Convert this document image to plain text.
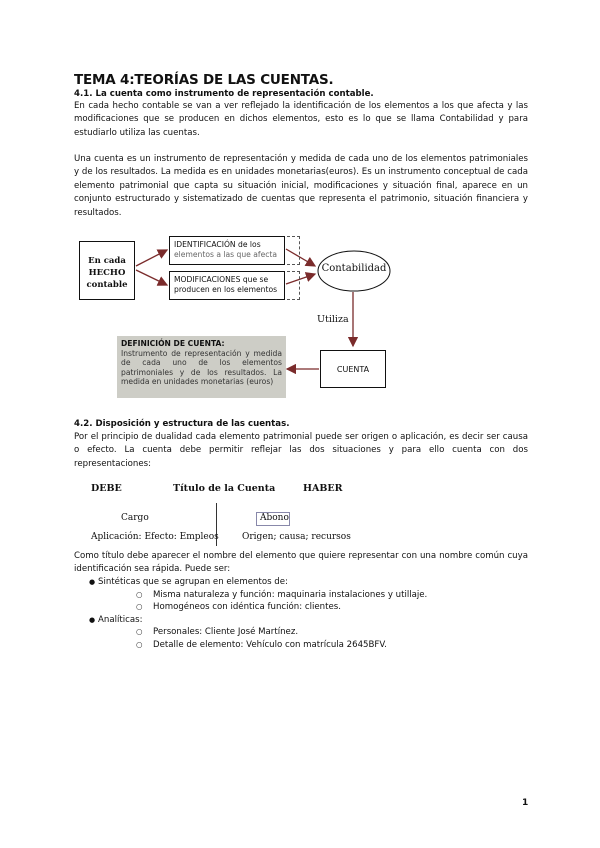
TEMA 4:TEORÍAS DE LAS CUENTAS.
4.1. La cuenta como instrumento de representación contable.

En cada hecho contable se van a ver reflejado la identificación de los elementos a los que afecta y las modificaciones que se producen en dichos elementos, esto es lo que se llama Contabilidad y para estudiarlo utiliza las cuentas.

Una cuenta es un instrumento de representación y medida de cada uno de los elementos patrimoniales y de los resultados. La medida es en unidades monetarias(euros). Es un instrumento conceptual de cada elemento patrimonial que capta su situación inicial, modificaciones y situación final, aparece en un conjunto estructurado y sistematizado de cuentas que representa el patrimonio, situación financiera y resultados.

En cada
HECHO
contable
IDENTIFICACIÓN de los
elementos a las que afecta
MODIFICACIONES que se
producen en los elementos
Contabilidad
Utiliza
CUENTA
DEFINICIÓN DE CUENTA:
Instrumento de representación y medida de cada uno de los elementos patrimoniales y de los resultados. La medida en unidades monetarias (euros)
4.2. Disposición y estructura de las cuentas.

Por el principio de dualidad cada elemento patrimonial puede ser origen o aplicación, es decir ser causa o efecto. La cuenta debe permitir reflejar las dos situaciones y para ello cuenta con dos representaciones:

DEBE	Título de la Cuenta	HABER
Cargo	Abono
Aplicación: Efecto: Empleos	Origen; causa; recursos

Como título debe aparecer el nombre del elemento que quiere representar con una nombre común cuya identificación sea rápida. Puede ser:

● Sintéticas que se agrupan en elementos de:
○ Misma naturaleza y función: maquinaria instalaciones y utillaje.
○ Homogéneos con idéntica función: clientes.
● Analíticas:
○ Personales: Cliente José Martínez.
○ Detalle de elemento: Vehículo con matrícula 2645BFV.
1
